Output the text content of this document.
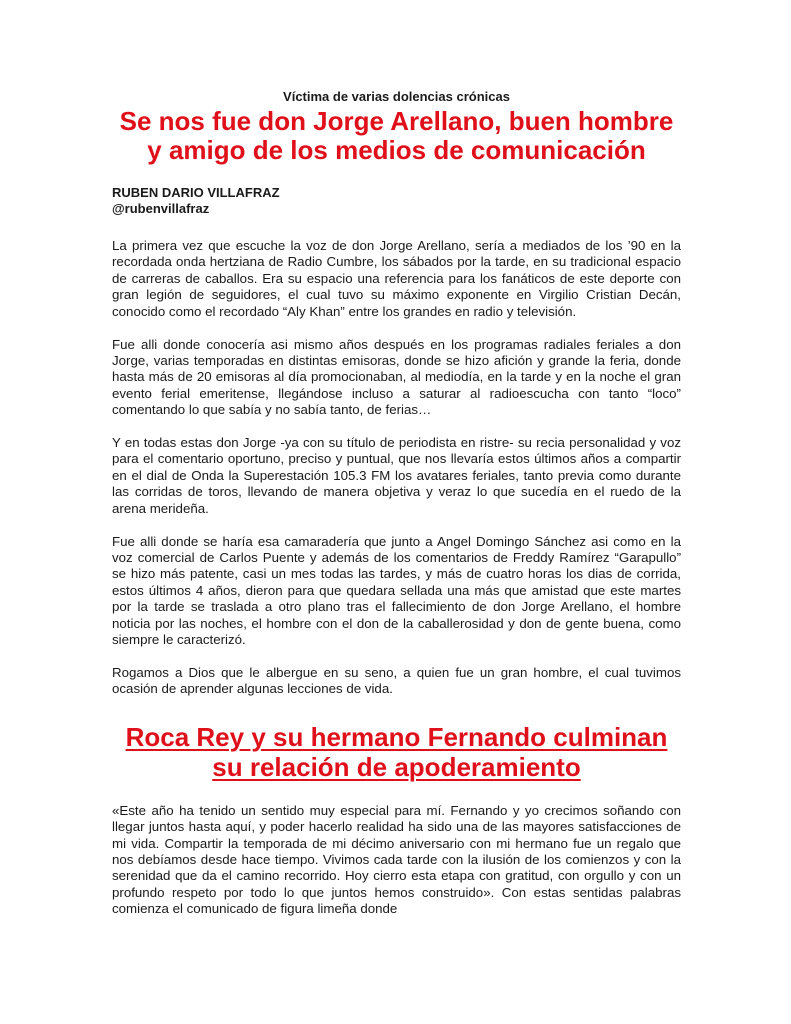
Víctima de varias dolencias crónicas

Se nos fue don Jorge Arellano, buen hombre
y amigo de los medios de comunicación
RUBEN DARIO VILLAFRAZ
@rubenvillafraz

La primera vez que escuche la voz de don Jorge Arellano, sería a mediados de los ’90 en la recordada onda hertziana de Radio Cumbre, los sábados por la tarde, en su tradicional espacio de carreras de caballos. Era su espacio una referencia para los fanáticos de este deporte con gran legión de seguidores, el cual tuvo su máximo exponente en Virgilio Cristian Decán, conocido como el recordado “Aly Khan” entre los grandes en radio y televisión.

Fue alli donde conocería asi mismo años después en los programas radiales feriales a don Jorge, varias temporadas en distintas emisoras, donde se hizo afición y grande la feria, donde hasta más de 20 emisoras al día promocionaban, al mediodía, en la tarde y en la noche el gran evento ferial emeritense, llegándose incluso a saturar al radioescucha con tanto “loco” comentando lo que sabía y no sabía tanto, de ferias…

Y en todas estas don Jorge -ya con su título de periodista en ristre- su recia personalidad y voz para el comentario oportuno, preciso y puntual, que nos llevaría estos últimos años a compartir en el dial de Onda la Superestación 105.3 FM los avatares feriales, tanto previa como durante las corridas de toros, llevando de manera objetiva y veraz lo que sucedía en el ruedo de la arena merideña.

Fue alli donde se haría esa camaradería que junto a Angel Domingo Sánchez asi como en la voz comercial de Carlos Puente y además de los comentarios de Freddy Ramírez “Garapullo” se hizo más patente, casi un mes todas las tardes, y más de cuatro horas los dias de corrida, estos últimos 4 años, dieron para que quedara sellada una más que amistad que este martes por la tarde se traslada a otro plano tras el fallecimiento de don Jorge Arellano, el hombre noticia por las noches, el hombre con el don de la caballerosidad y don de gente buena, como siempre le caracterizó.

Rogamos a Dios que le albergue en su seno, a quien fue un gran hombre, el cual tuvimos ocasión de aprender algunas lecciones de vida.

Roca Rey y su hermano Fernando culminan
su relación de apoderamiento

«Este año ha tenido un sentido muy especial para mí. Fernando y yo crecimos soñando con llegar juntos hasta aquí, y poder hacerlo realidad ha sido una de las mayores satisfacciones de mi vida. Compartir la temporada de mi décimo aniversario con mi hermano fue un regalo que nos debíamos desde hace tiempo. Vivimos cada tarde con la ilusión de los comienzos y con la serenidad que da el camino recorrido. Hoy cierro esta etapa con gratitud, con orgullo y con un profundo respeto por todo lo que juntos hemos construido». Con estas sentidas palabras comienza el comunicado de figura limeña donde
